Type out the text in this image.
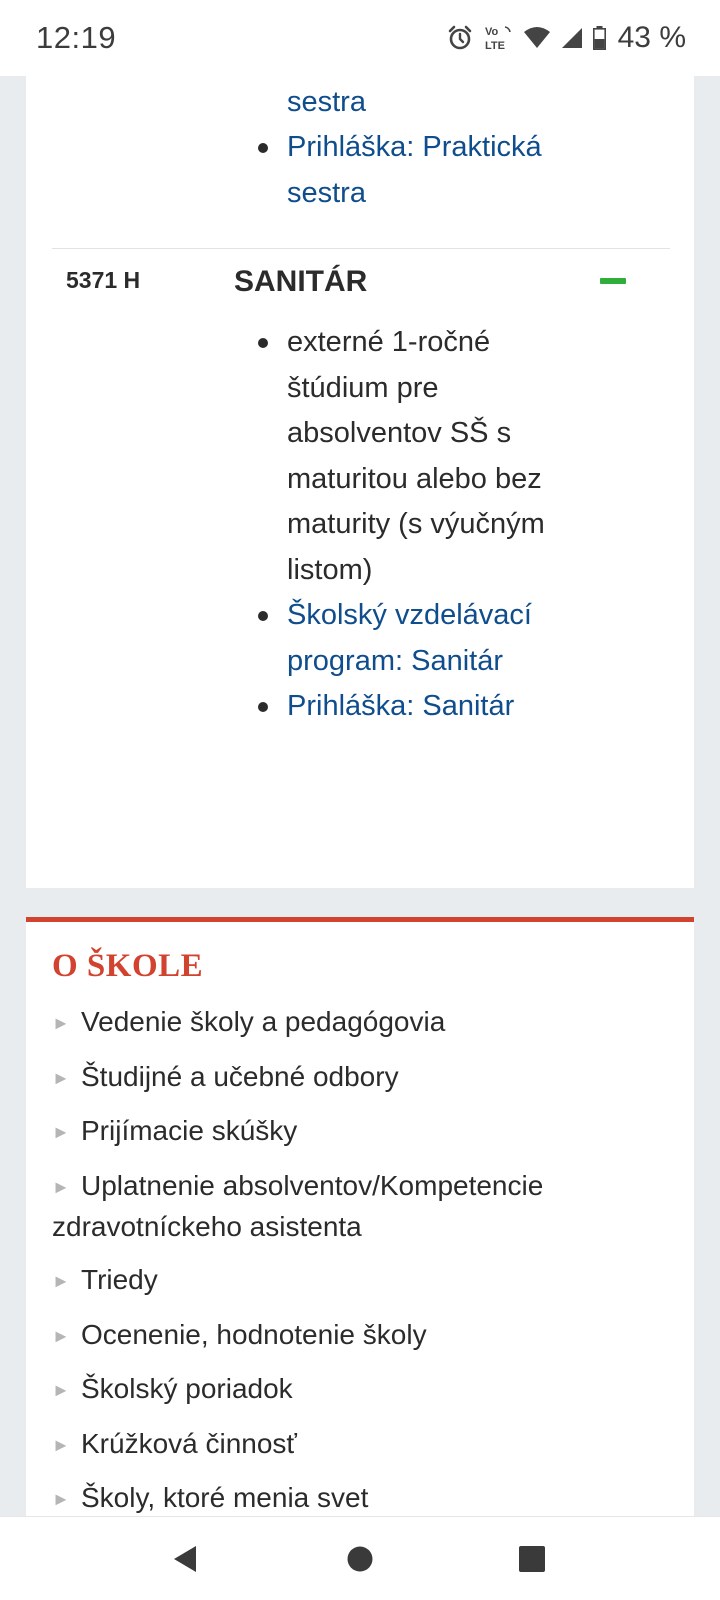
12:19	Vo
LTE	43 %
sestra
Prihláška: Praktická sestra
5371 H	SANITÁR
externé 1-ročné štúdium pre absolventov SŠ s maturitou alebo bez maturity (s výučným listom)
Školský vzdelávací program: Sanitár
Prihláška: Sanitár
O ŠKOLE
► Vedenie školy a pedagógovia
► Študijné a učebné odbory
► Prijímacie skúšky
► Uplatnenie absolventov/Kompetencie zdravotníckeho asistenta
► Triedy
► Ocenenie, hodnotenie školy
► Školský poriadok
► Krúžková činnosť
► Školy, ktoré menia svet
